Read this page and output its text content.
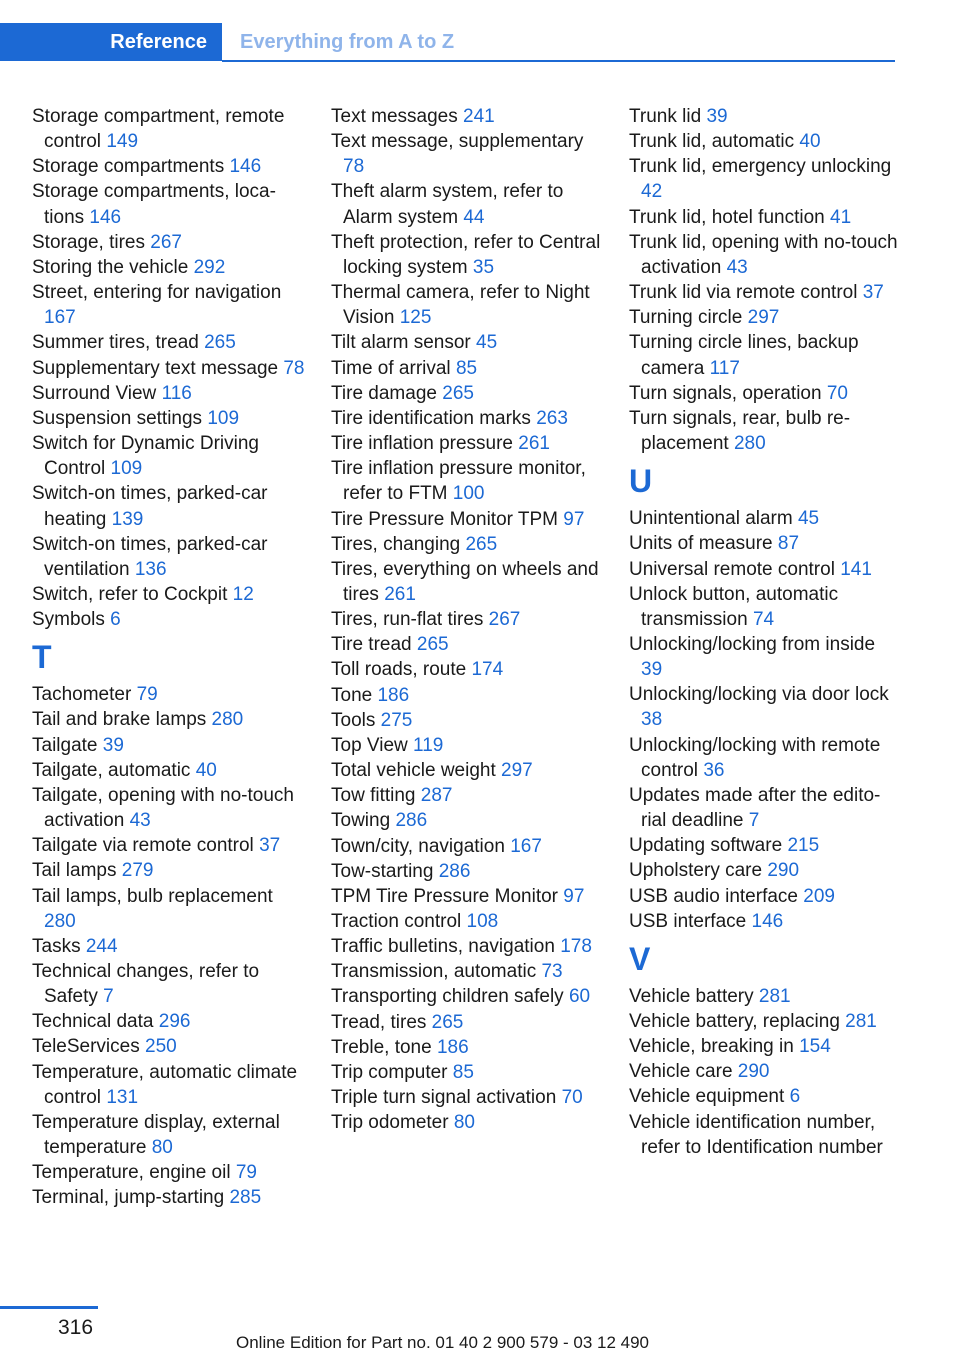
Reference	Everything from A to Z
Storage compartment, remote control 149
Storage compartments 146
Storage compartments, locations 146
Storage, tires 267
Storing the vehicle 292
Street, entering for navigation 167
Summer tires, tread 265
Supplementary text message 78
Surround View 116
Suspension settings 109
Switch for Dynamic Driving Control 109
Switch-on times, parked-car heating 139
Switch-on times, parked-car ventilation 136
Switch, refer to Cockpit 12
Symbols 6
T
Tachometer 79
Tail and brake lamps 280
Tailgate 39
Tailgate, automatic 40
Tailgate, opening with no-touch activation 43
Tailgate via remote control 37
Tail lamps 279
Tail lamps, bulb replacement 280
Tasks 244
Technical changes, refer to Safety 7
Technical data 296
TeleServices 250
Temperature, automatic climate control 131
Temperature display, external temperature 80
Temperature, engine oil 79
Terminal, jump-starting 285
Text messages 241
Text message, supplementary 78
Theft alarm system, refer to Alarm system 44
Theft protection, refer to Central locking system 35
Thermal camera, refer to Night Vision 125
Tilt alarm sensor 45
Time of arrival 85
Tire damage 265
Tire identification marks 263
Tire inflation pressure 261
Tire inflation pressure monitor, refer to FTM 100
Tire Pressure Monitor TPM 97
Tires, changing 265
Tires, everything on wheels and tires 261
Tires, run-flat tires 267
Tire tread 265
Toll roads, route 174
Tone 186
Tools 275
Top View 119
Total vehicle weight 297
Tow fitting 287
Towing 286
Town/city, navigation 167
Tow-starting 286
TPM Tire Pressure Monitor 97
Traction control 108
Traffic bulletins, navigation 178
Transmission, automatic 73
Transporting children safely 60
Tread, tires 265
Treble, tone 186
Trip computer 85
Triple turn signal activation 70
Trip odometer 80
Trunk lid 39
Trunk lid, automatic 40
Trunk lid, emergency unlocking 42
Trunk lid, hotel function 41
Trunk lid, opening with no-touch activation 43
Trunk lid via remote control 37
Turning circle 297
Turning circle lines, backup camera 117
Turn signals, operation 70
Turn signals, rear, bulb replacement 280
U
Unintentional alarm 45
Units of measure 87
Universal remote control 141
Unlock button, automatic transmission 74
Unlocking/locking from inside 39
Unlocking/locking via door lock 38
Unlocking/locking with remote control 36
Updates made after the editorial deadline 7
Updating software 215
Upholstery care 290
USB audio interface 209
USB interface 146
V
Vehicle battery 281
Vehicle battery, replacing 281
Vehicle, breaking in 154
Vehicle care 290
Vehicle equipment 6
Vehicle identification number, refer to Identification number
316
Online Edition for Part no. 01 40 2 900 579 - 03 12 490
